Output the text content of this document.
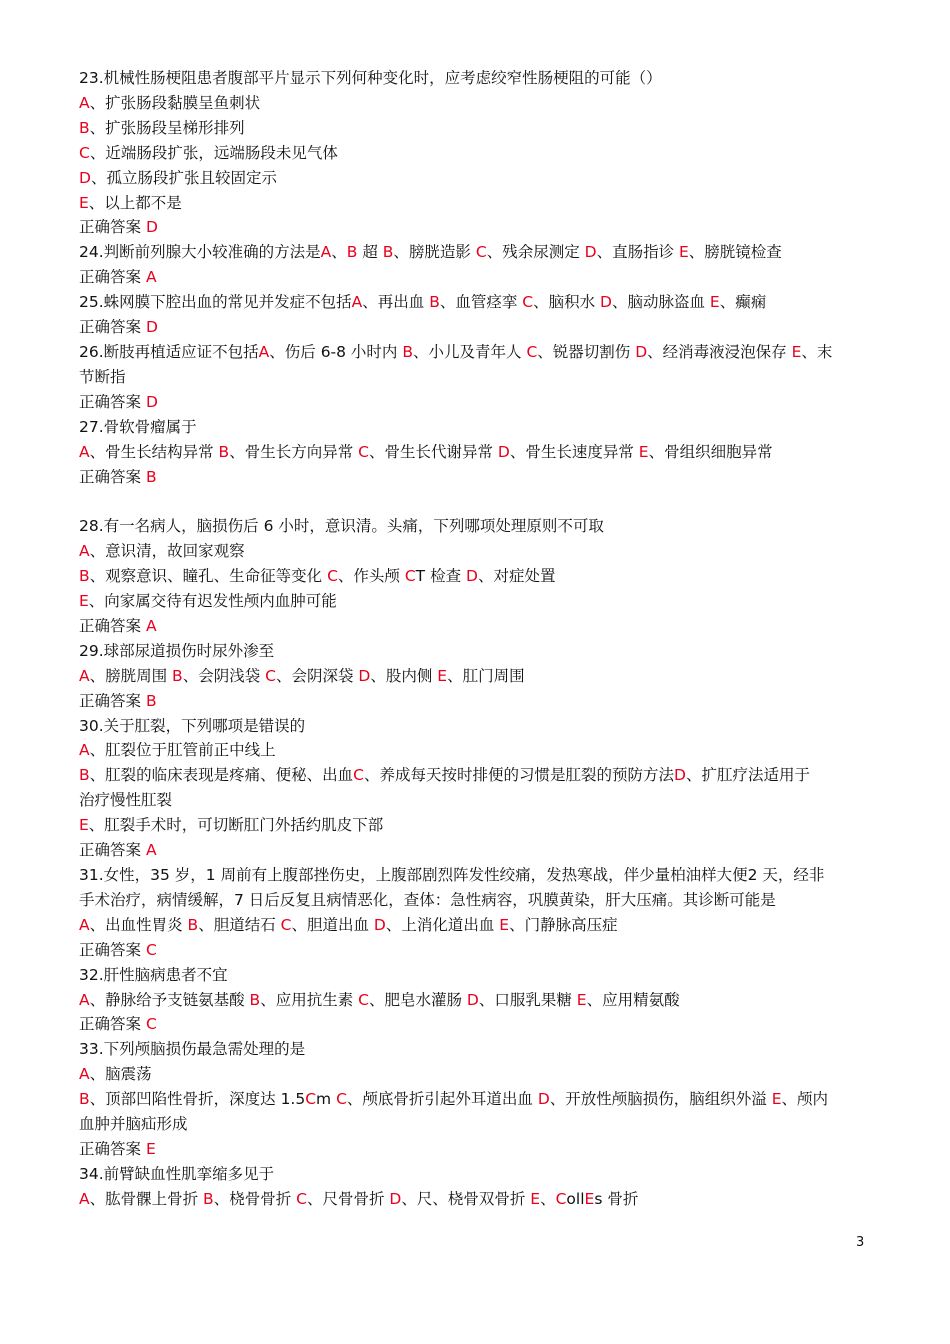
23.机械性肠梗阻患者腹部平片显示下列何种变化时，应考虑绞窄性肠梗阻的可能（）
A、扩张肠段黏膜呈鱼刺状
B、扩张肠段呈梯形排列
C、近端肠段扩张，远端肠段未见气体
D、孤立肠段扩张且较固定示
E、以上都不是
正确答案 D
24.判断前列腺大小较准确的方法是A、B 超 B、膀胱造影 C、残余尿测定 D、直肠指诊 E、膀胱镜检查
正确答案 A
25.蛛网膜下腔出血的常见并发症不包括A、再出血 B、血管痉挛 C、脑积水 D、脑动脉盗血 E、癫痫
正确答案 D
26.断肢再植适应证不包括A、伤后 6-8 小时内 B、小儿及青年人 C、锐器切割伤 D、经消毒液浸泡保存 E、末
节断指
正确答案 D
27.骨软骨瘤属于
A、骨生长结构异常 B、骨生长方向异常 C、骨生长代谢异常 D、骨生长速度异常 E、骨组织细胞异常
正确答案 B
28.有一名病人，脑损伤后 6 小时，意识清。头痛，下列哪项处理原则不可取
A、意识清，故回家观察
B、观察意识、瞳孔、生命征等变化 C、作头颅 CT 检查 D、对症处置
E、向家属交待有迟发性颅内血肿可能
正确答案 A
29.球部尿道损伤时尿外渗至
A、膀胱周围 B、会阴浅袋 C、会阴深袋 D、股内侧 E、肛门周围
正确答案 B
30.关于肛裂，下列哪项是错误的
A、肛裂位于肛管前正中线上
B、肛裂的临床表现是疼痛、便秘、出血C、养成每天按时排便的习惯是肛裂的预防方法D、扩肛疗法适用于
治疗慢性肛裂
E、肛裂手术时，可切断肛门外括约肌皮下部
正确答案 A
31.女性，35 岁，1 周前有上腹部挫伤史，上腹部剧烈阵发性绞痛，发热寒战，伴少量柏油样大便2 天，经非
手术治疗，病情缓解，7 日后反复且病情恶化，查体：急性病容，巩膜黄染，肝大压痛。其诊断可能是
A、出血性胃炎 B、胆道结石 C、胆道出血 D、上消化道出血 E、门静脉高压症
正确答案 C
32.肝性脑病患者不宜
A、静脉给予支链氨基酸 B、应用抗生素 C、肥皂水灌肠 D、口服乳果糖 E、应用精氨酸
正确答案 C
33.下列颅脑损伤最急需处理的是
A、脑震荡
B、顶部凹陷性骨折，深度达 1.5Cm C、颅底骨折引起外耳道出血 D、开放性颅脑损伤，脑组织外溢 E、颅内
血肿并脑疝形成
正确答案 E
34.前臂缺血性肌挛缩多见于
A、肱骨髁上骨折 B、桡骨骨折 C、尺骨骨折 D、尺、桡骨双骨折 E、CollEs 骨折
3
